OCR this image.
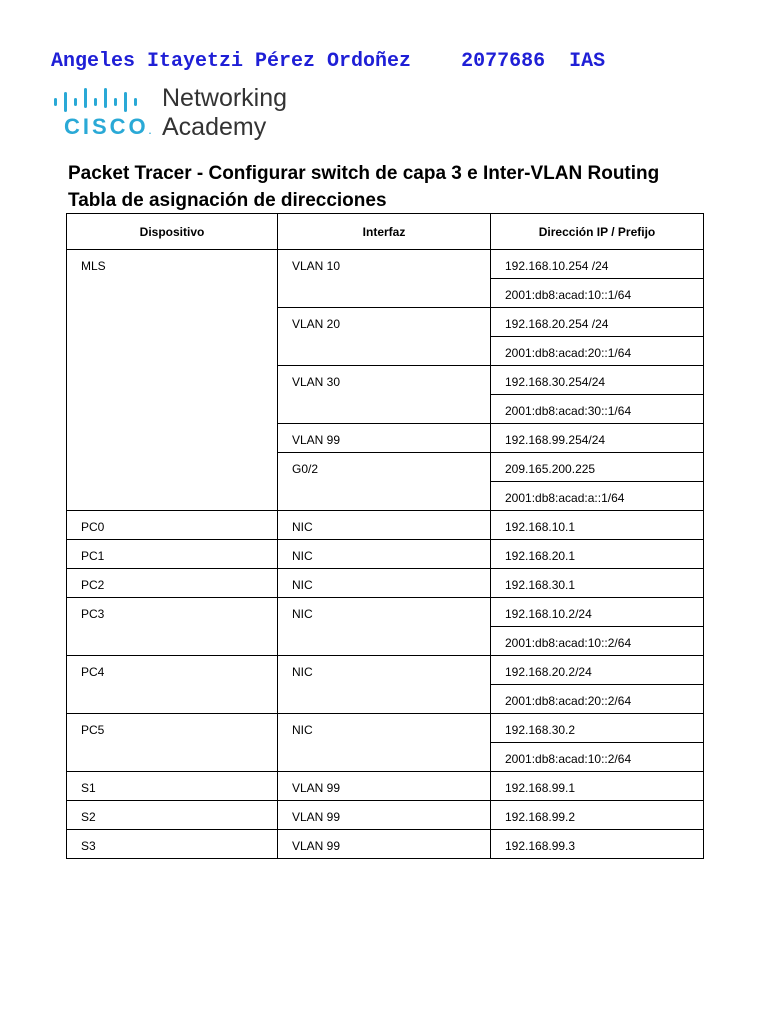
Angeles Itayetzi Pérez Ordoñez	2077686 IAS
Networking
CISCO. Academy
Packet Tracer - Configurar switch de capa 3 e Inter-VLAN Routing
Tabla de asignación de direcciones
Dispositivo	Interfaz	Dirección IP / Prefijo
MLS	VLAN 10	192.168.10.254 /24
		2001:db8:acad:10::1/64
	VLAN 20	192.168.20.254 /24
		2001:db8:acad:20::1/64
	VLAN 30	192.168.30.254/24
		2001:db8:acad:30::1/64
	VLAN 99	192.168.99.254/24
	G0/2	209.165.200.225
		2001:db8:acad:a::1/64
PC0	NIC	192.168.10.1
PC1	NIC	192.168.20.1
PC2	NIC	192.168.30.1
PC3	NIC	192.168.10.2/24
		2001:db8:acad:10::2/64
PC4	NIC	192.168.20.2/24
		2001:db8:acad:20::2/64
PC5	NIC	192.168.30.2
		2001:db8:acad:10::2/64
S1	VLAN 99	192.168.99.1
S2	VLAN 99	192.168.99.2
S3	VLAN 99	192.168.99.3
